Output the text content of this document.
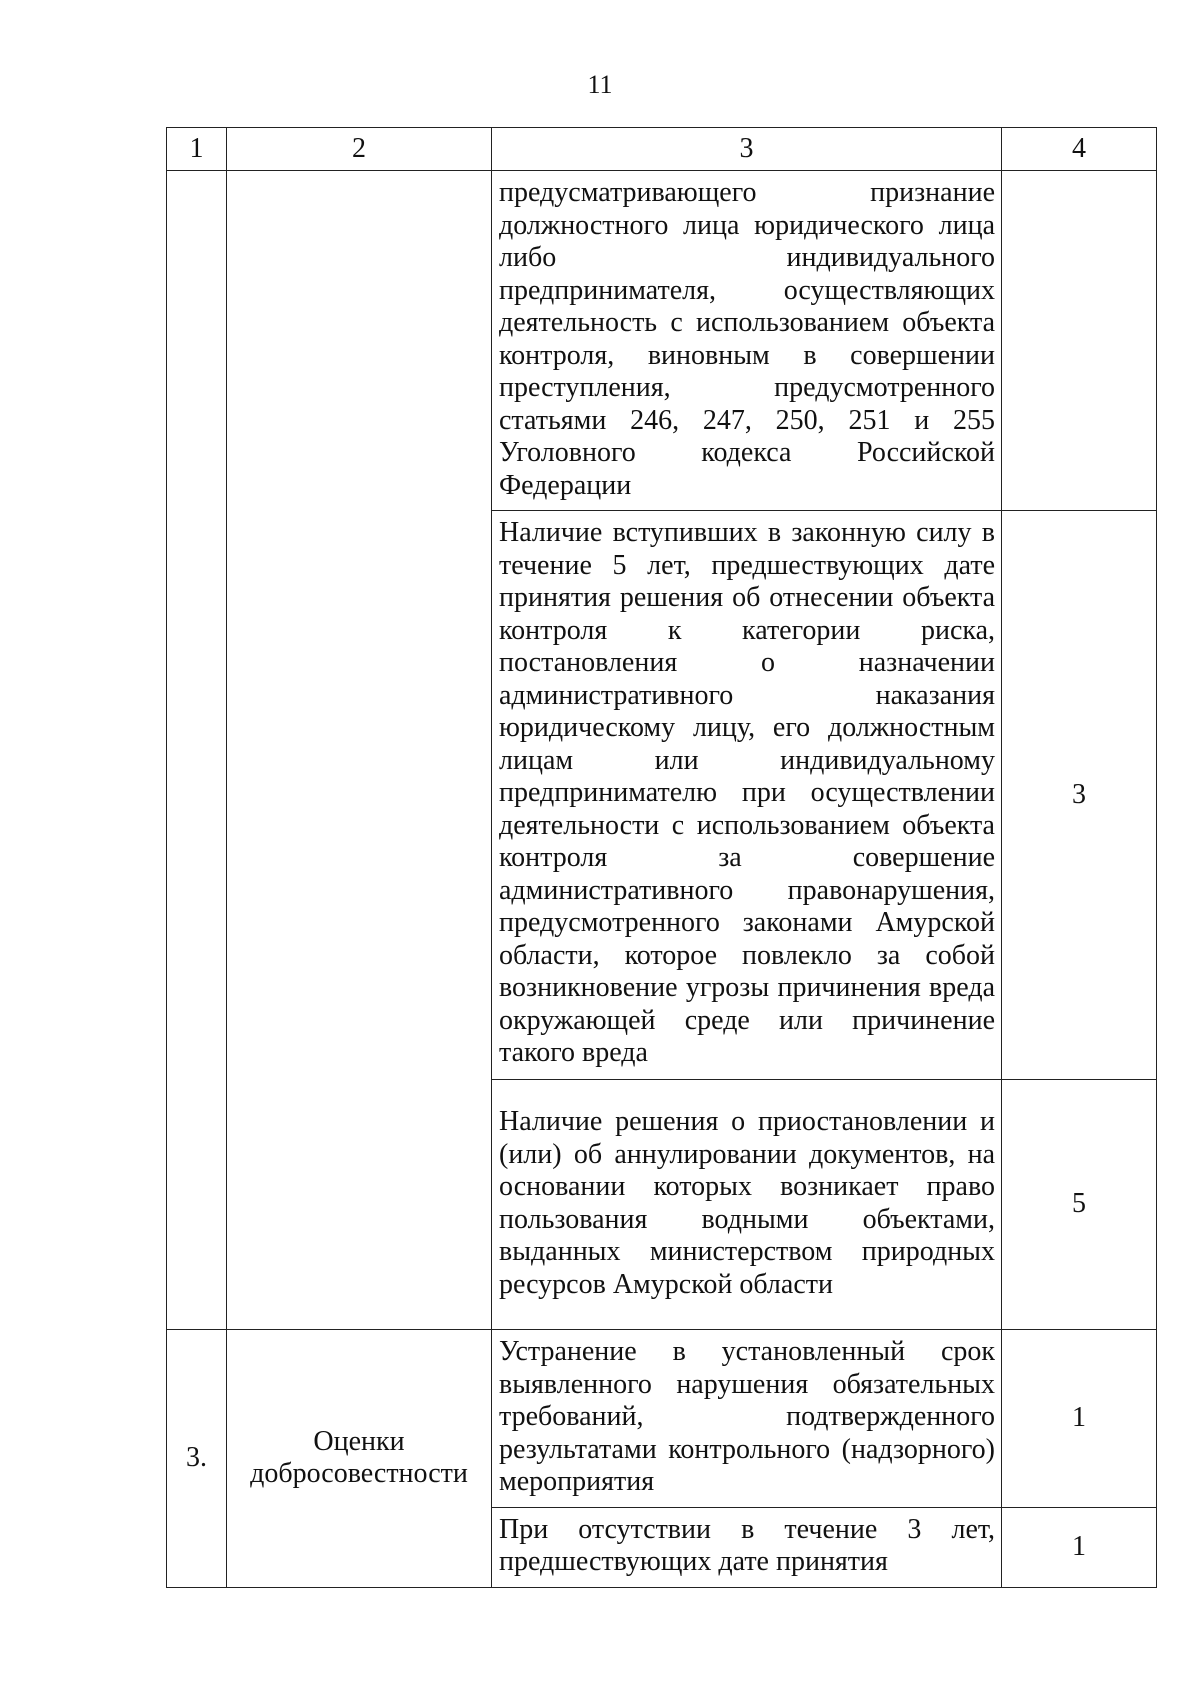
11
1	2	3	4
		предусматривающего признание должностного лица юридического лица либо индивидуального предпринимателя, осуществляющих деятельность с использованием объекта контроля, виновным в совершении преступления, предусмотренного статьями 246, 247, 250, 251 и 255 Уголовного кодекса Российской Федерации	
		Наличие вступивших в законную силу в течение 5 лет, предшествующих дате принятия решения об отнесении объекта контроля к категории риска, постановления о назначении административного наказания юридическому лицу, его должностным лицам или индивидуальному предпринимателю при осуществлении деятельности с использованием объекта контроля за совершение административного правонарушения, предусмотренного законами Амурской области, которое повлекло за собой возникновение угрозы причинения вреда окружающей среде или причинение такого вреда	3
		Наличие решения о приостановлении и (или) об аннулировании документов, на основании которых возникает право пользования водными объектами, выданных министерством природных ресурсов Амурской области	5
3.	Оценки добросовестности	Устранение в установленный срок выявленного нарушения обязательных требований, подтвержденного результатами контрольного (надзорного) мероприятия	1
		При отсутствии в течение 3 лет, предшествующих дате принятия	1
